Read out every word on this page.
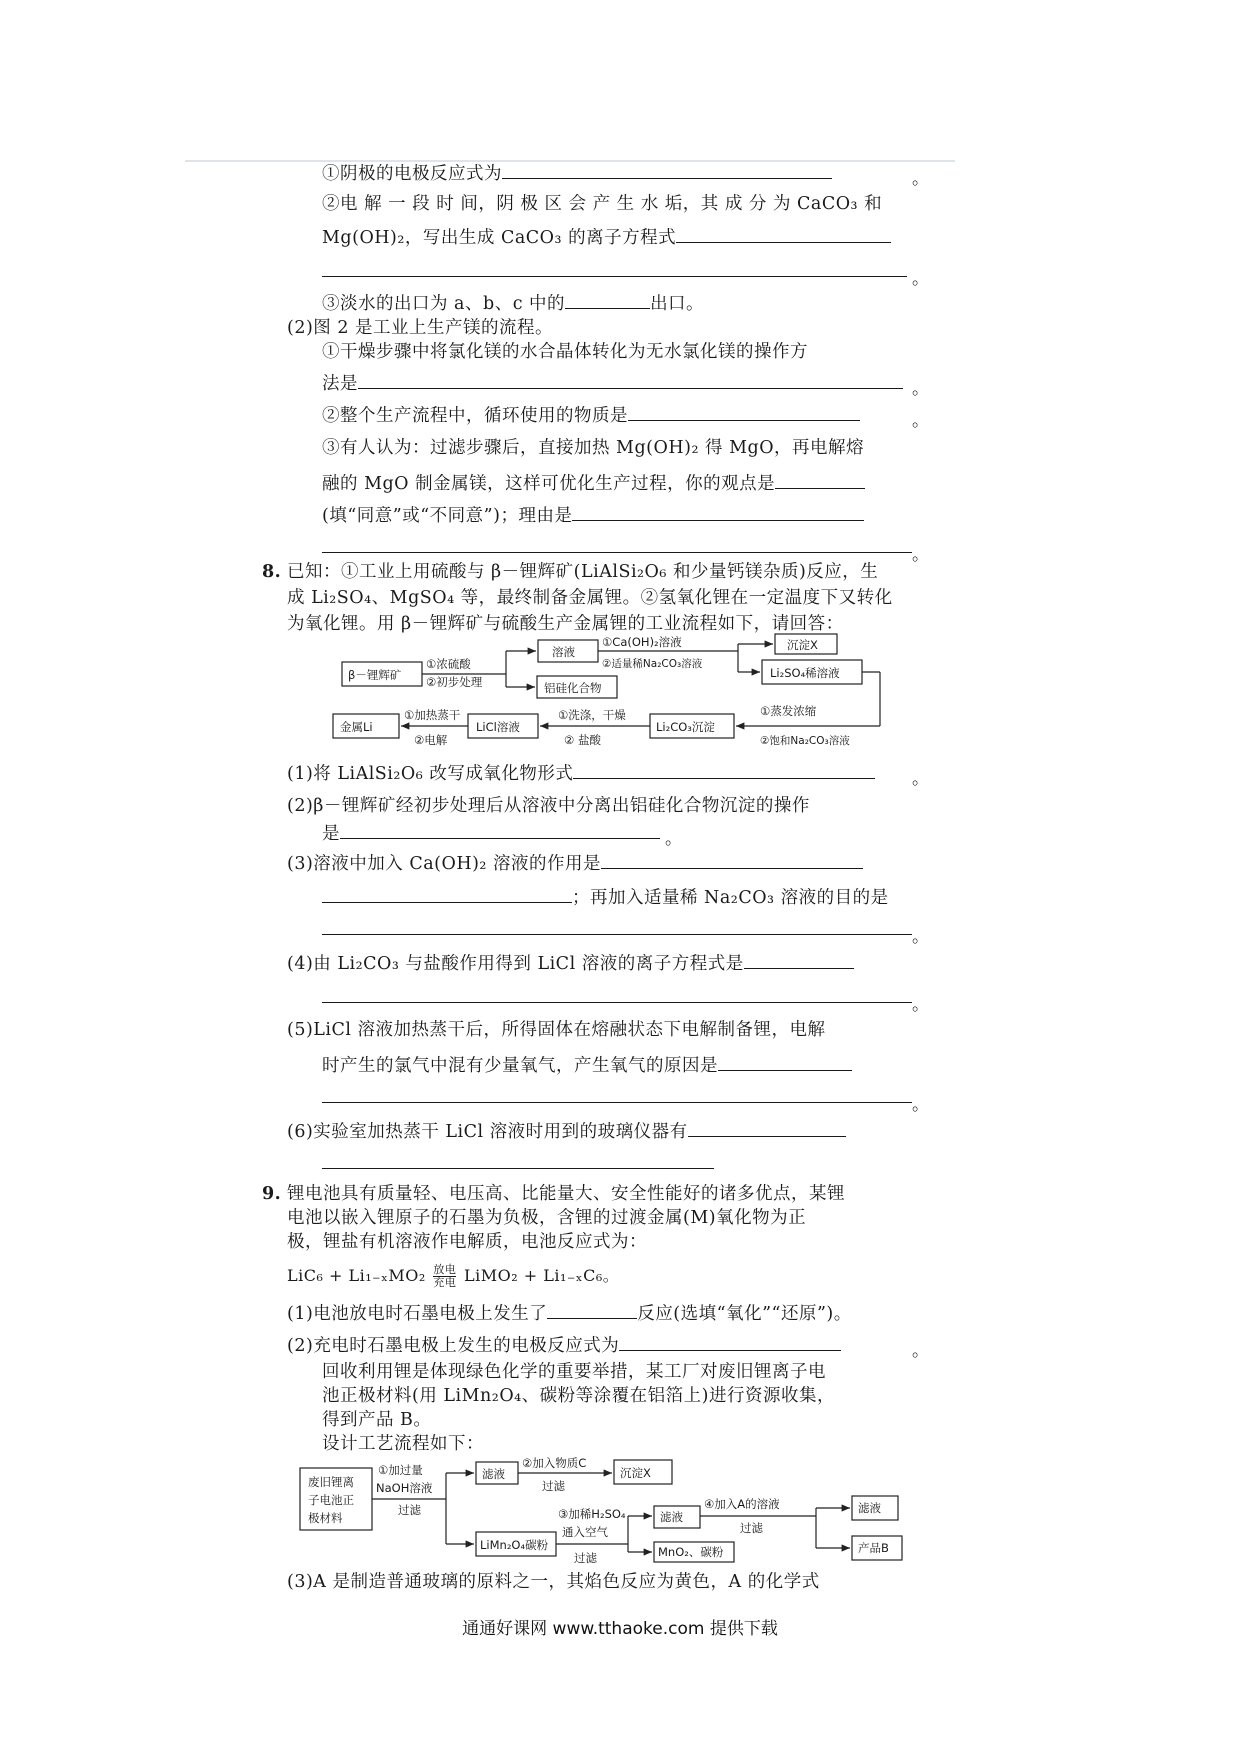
①阴极的电极反应式为	。
②电 解 一 段 时 间，阴 极 区 会 产 生 水 垢，其 成 分 为 CaCO₃ 和
Mg(OH)₂，写出生成 CaCO₃ 的离子方程式
。
③淡水的出口为 a、b、c 中的	出口。
(2)图 2 是工业上生产镁的流程。
①干燥步骤中将氯化镁的水合晶体转化为无水氯化镁的操作方
法是	。
②整个生产流程中，循环使用的物质是	。
③有人认为：过滤步骤后，直接加热 Mg(OH)₂ 得 MgO，再电解熔
融的 MgO 制金属镁，这样可优化生产过程，你的观点是
(填“同意”或“不同意”)；理由是
。
8. 已知：①工业上用硫酸与 β－锂辉矿(LiAlSi₂O₆ 和少量钙镁杂质)反应，生
成 Li₂SO₄、MgSO₄ 等，最终制备金属锂。②氢氧化锂在一定温度下又转化
为氧化锂。用 β－锂辉矿与硫酸生产金属锂的工业流程如下，请回答：
β－锂辉矿
①浓硫酸
②初步处理
溶液
铝硅化合物
①Ca(OH)₂溶液
②适量稀Na₂CO₃溶液
沉淀X
Li₂SO₄稀溶液
①蒸发浓缩
②饱和Na₂CO₃溶液
Li₂CO₃沉淀
①洗涤，干燥
② 盐酸
LiCl溶液
①加热蒸干
②电解
金属Li
(1)将 LiAlSi₂O₆ 改写成氧化物形式	。
(2)β－锂辉矿经初步处理后从溶液中分离出铝硅化合物沉淀的操作
是	。
(3)溶液中加入 Ca(OH)₂ 溶液的作用是
；再加入适量稀 Na₂CO₃ 溶液的目的是
。
(4)由 Li₂CO₃ 与盐酸作用得到 LiCl 溶液的离子方程式是
。
(5)LiCl 溶液加热蒸干后，所得固体在熔融状态下电解制备锂，电解
时产生的氯气中混有少量氧气，产生氧气的原因是
。
(6)实验室加热蒸干 LiCl 溶液时用到的玻璃仪器有
9. 锂电池具有质量轻、电压高、比能量大、安全性能好的诸多优点，某锂
电池以嵌入锂原子的石墨为负极，含锂的过渡金属(M)氧化物为正
极，锂盐有机溶液作电解质，电池反应式为：
$LiC_6 + Li_{1-x}MO_2 \frac{\text{放电}}{\text{充电}}$ LiMO₂ + Li₁₋ₓC₆。
(1)电池放电时石墨电极上发生了	反应(选填“氧化”“还原”)。
(2)充电时石墨电极上发生的电极反应式为	。
回收利用锂是体现绿色化学的重要举措，某工厂对废旧锂离子电
池正极材料(用 LiMn₂O₄、碳粉等涂覆在铝箔上)进行资源收集，
得到产品 B。
设计工艺流程如下：
废旧锂离
子电池正
极材料
①加过量
NaOH溶液
过滤
滤液
②加入物质C
过滤
沉淀X
LiMn₂O₄碳粉
③加稀H₂SO₄
通入空气
过滤
滤液
④加入A的溶液
过滤
滤液
MnO₂、碳粉	产品B
(3)A 是制造普通玻璃的原料之一，其焰色反应为黄色，A 的化学式
通通好课网 www.tthaoke.com 提供下载
